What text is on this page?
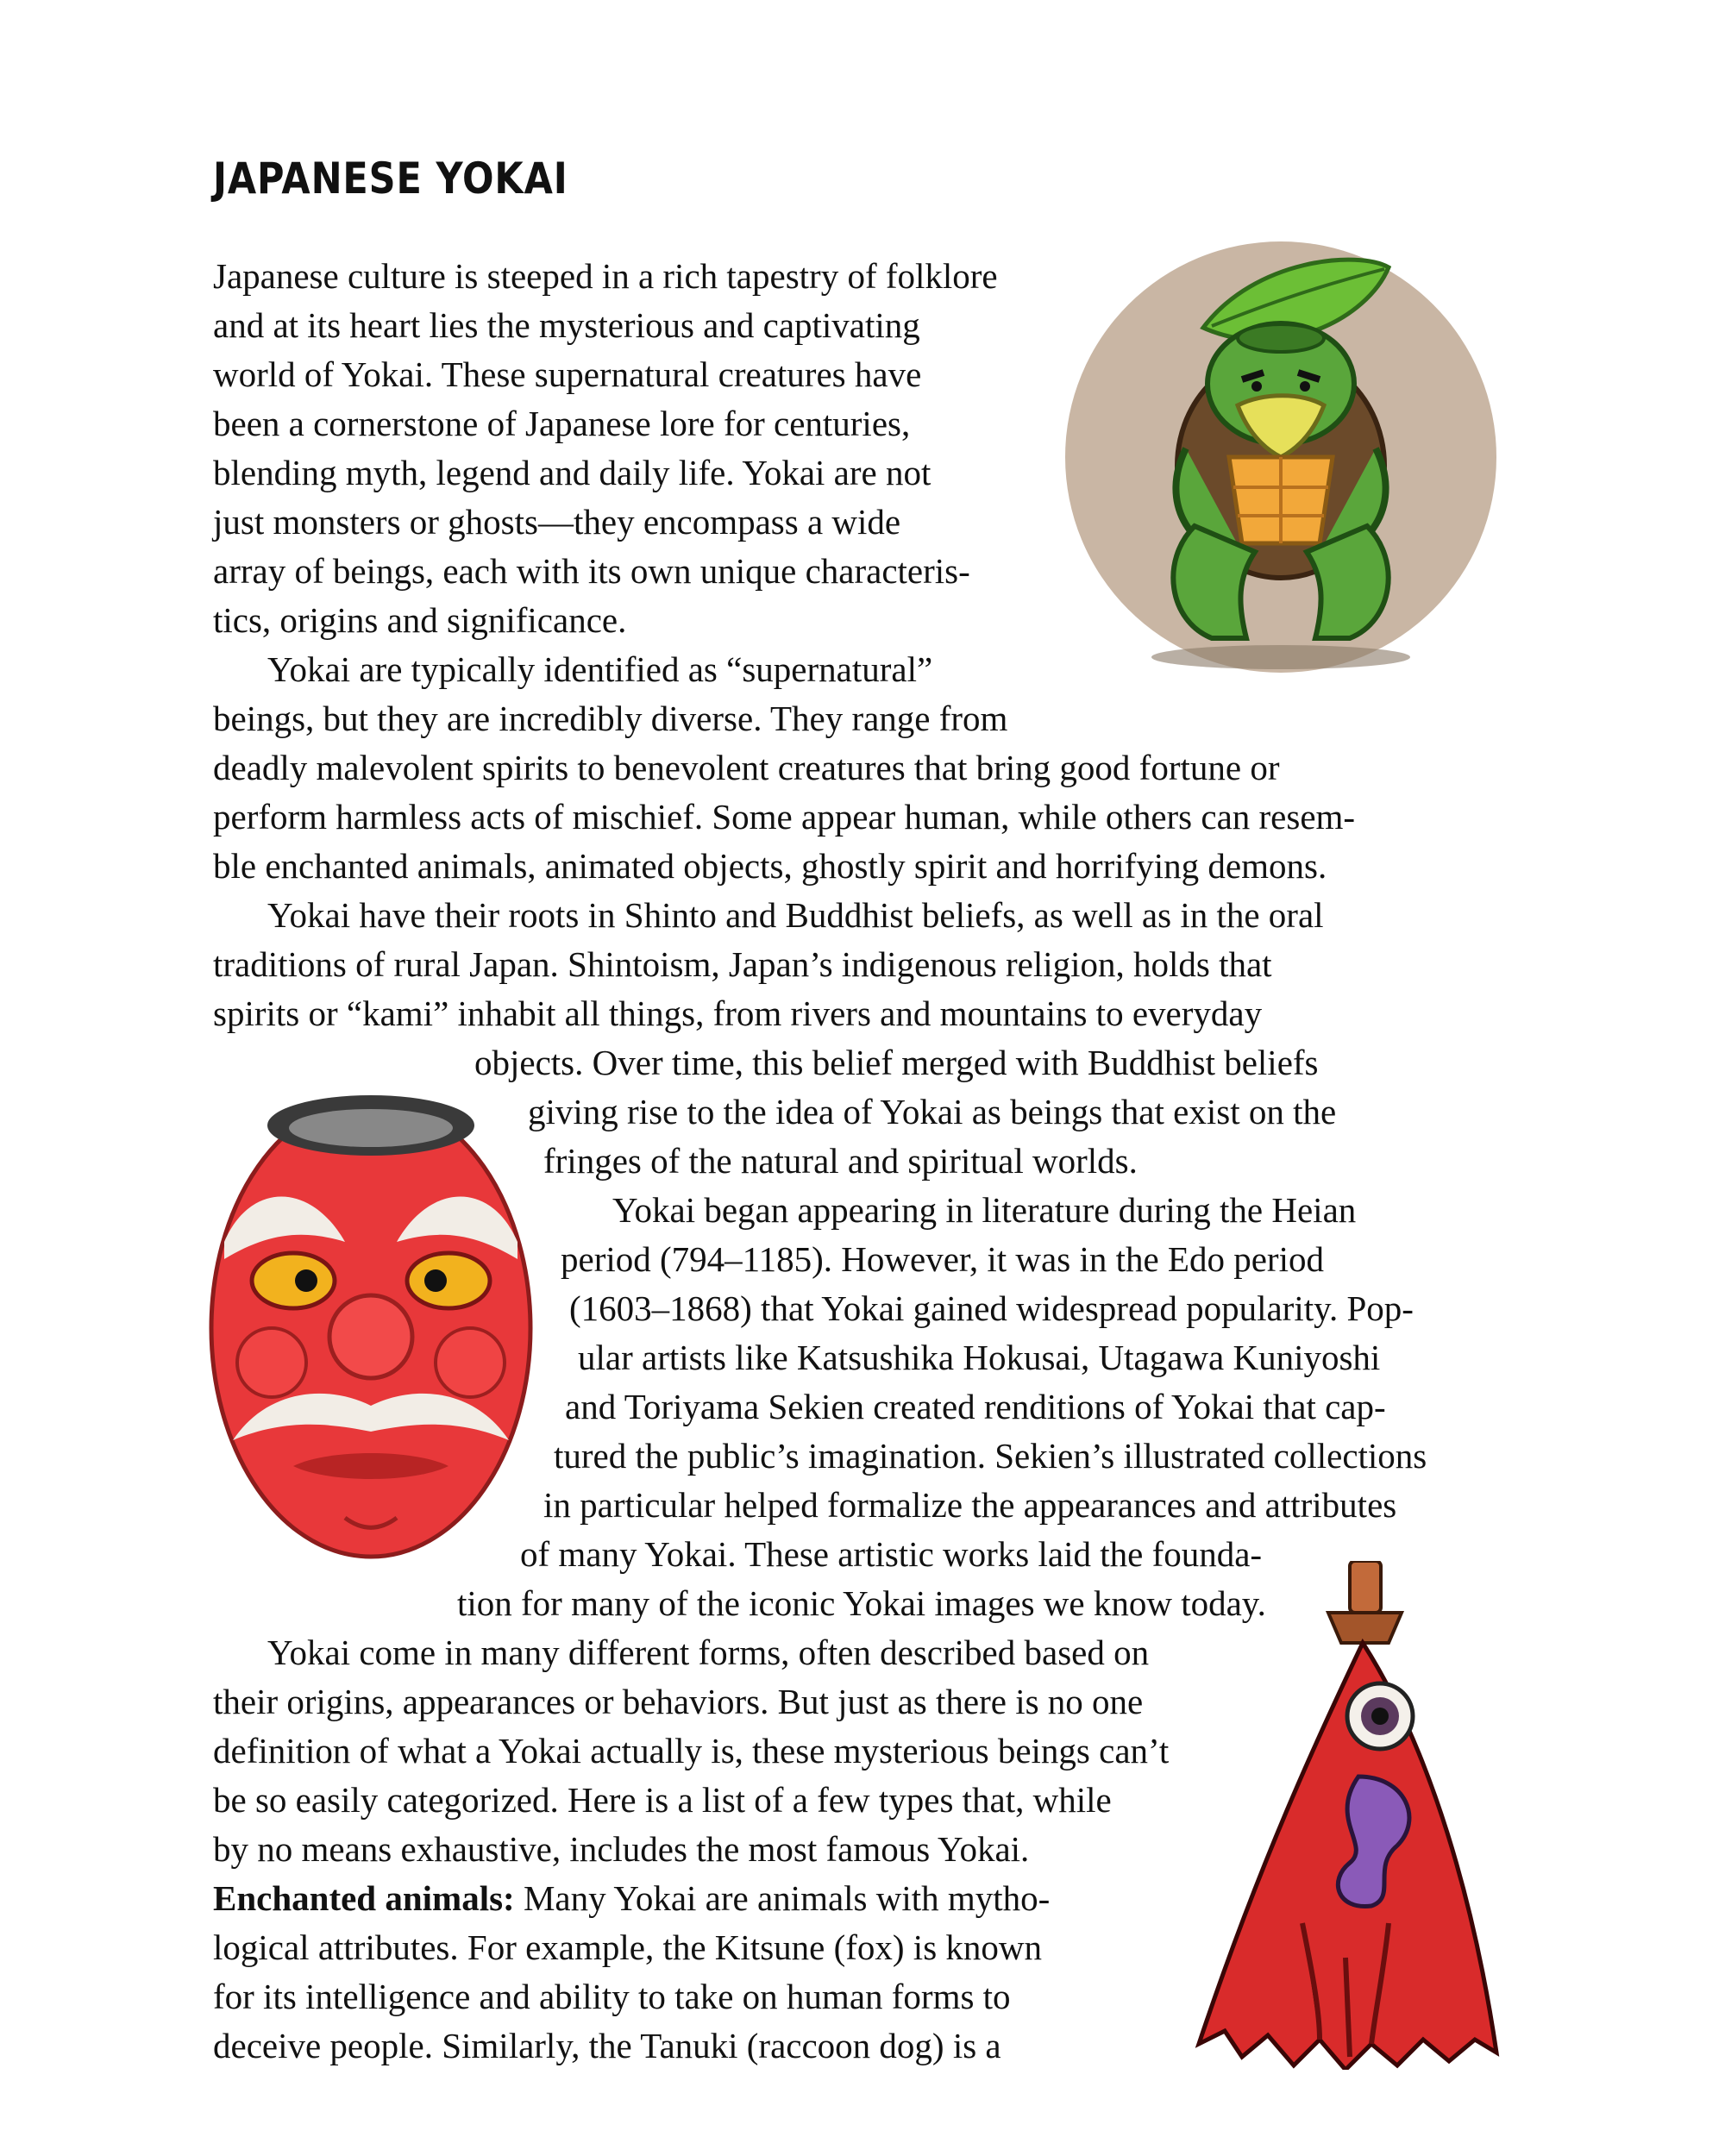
JAPANESE YOKAI
Japanese culture is steeped in a rich tapestry of folklore
and at its heart lies the mysterious and captivating
world of Yokai. These supernatural creatures have
been a cornerstone of Japanese lore for centuries,
blending myth, legend and daily life. Yokai are not
just monsters or ghosts—they encompass a wide
array of beings, each with its own unique characteris-
tics, origins and significance.
Yokai are typically identified as “supernatural”
beings, but they are incredibly diverse. They range from
deadly malevolent spirits to benevolent creatures that bring good fortune or
perform harmless acts of mischief. Some appear human, while others can resem-
ble enchanted animals, animated objects, ghostly spirit and horrifying demons.
Yokai have their roots in Shinto and Buddhist beliefs, as well as in the oral
traditions of rural Japan. Shintoism, Japan’s indigenous religion, holds that
spirits or “kami” inhabit all things, from rivers and mountains to everyday
objects. Over time, this belief merged with Buddhist beliefs
giving rise to the idea of Yokai as beings that exist on the
fringes of the natural and spiritual worlds.
Yokai began appearing in literature during the Heian
period (794–1185). However, it was in the Edo period
(1603–1868) that Yokai gained widespread popularity. Pop-
ular artists like Katsushika Hokusai, Utagawa Kuniyoshi
and Toriyama Sekien created renditions of Yokai that cap-
tured the public’s imagination. Sekien’s illustrated collections
in particular helped formalize the appearances and attributes
of many Yokai. These artistic works laid the founda-
tion for many of the iconic Yokai images we know today.
Yokai come in many different forms, often described based on
their origins, appearances or behaviors. But just as there is no one
definition of what a Yokai actually is, these mysterious beings can’t
be so easily categorized. Here is a list of a few types that, while
by no means exhaustive, includes the most famous Yokai.
Enchanted animals: Many Yokai are animals with mytho-
logical attributes. For example, the Kitsune (fox) is known
for its intelligence and ability to take on human forms to
deceive people. Similarly, the Tanuki (raccoon dog) is a
